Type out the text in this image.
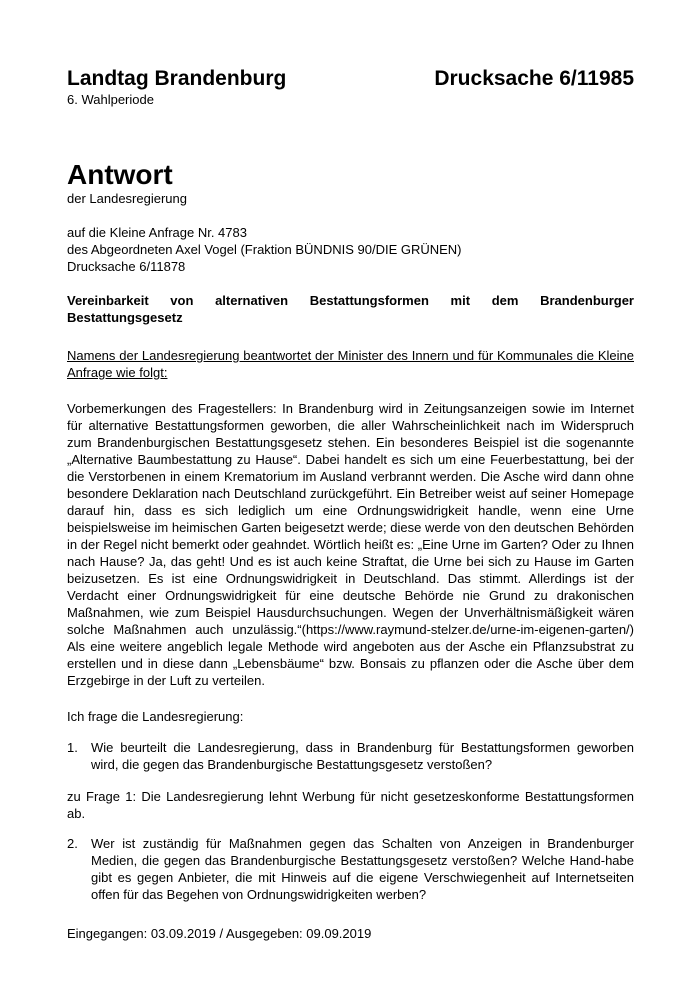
Landtag Brandenburg	Drucksache 6/11985
6. Wahlperiode
Antwort
der Landesregierung
auf die Kleine Anfrage Nr. 4783
des Abgeordneten Axel Vogel (Fraktion BÜNDNIS 90/DIE GRÜNEN)
Drucksache 6/11878
Vereinbarkeit von alternativen Bestattungsformen mit dem Brandenburger Bestattungsgesetz
Namens der Landesregierung beantwortet der Minister des Innern und für Kommunales die Kleine Anfrage wie folgt:
Vorbemerkungen des Fragestellers: In Brandenburg wird in Zeitungsanzeigen sowie im Internet für alternative Bestattungsformen geworben, die aller Wahrscheinlichkeit nach im Widerspruch zum Brandenburgischen Bestattungsgesetz stehen. Ein besonderes Beispiel ist die sogenannte „Alternative Baumbestattung zu Hause“. Dabei handelt es sich um eine Feuerbestattung, bei der die Verstorbenen in einem Krematorium im Ausland verbrannt werden. Die Asche wird dann ohne besondere Deklaration nach Deutschland zurückgeführt. Ein Betreiber weist auf seiner Homepage darauf hin, dass es sich lediglich um eine Ordnungswidrigkeit handle, wenn eine Urne beispielsweise im heimischen Garten beigesetzt werde; diese werde von den deutschen Behörden in der Regel nicht bemerkt oder geahndet. Wörtlich heißt es: „Eine Urne im Garten? Oder zu Ihnen nach Hause? Ja, das geht! Und es ist auch keine Straftat, die Urne bei sich zu Hause im Garten beizusetzen. Es ist eine Ordnungswidrigkeit in Deutschland. Das stimmt. Allerdings ist der Verdacht einer Ordnungswidrigkeit für eine deutsche Behörde nie Grund zu drakonischen Maßnahmen, wie zum Beispiel Hausdurchsuchungen. Wegen der Unverhältnismäßigkeit wären solche Maßnahmen auch unzulässig.“(https://www.raymund-stelzer.de/urne-im-eigenen-garten/) Als eine weitere angeblich legale Methode wird angeboten aus der Asche ein Pflanzsubstrat zu erstellen und in diese dann „Lebensbäume“ bzw. Bonsais zu pflanzen oder die Asche über dem Erzgebirge in der Luft zu verteilen.
Ich frage die Landesregierung:
1. Wie beurteilt die Landesregierung, dass in Brandenburg für Bestattungsformen geworben wird, die gegen das Brandenburgische Bestattungsgesetz verstoßen?
zu Frage 1: Die Landesregierung lehnt Werbung für nicht gesetzeskonforme Bestattungsformen ab.
2. Wer ist zuständig für Maßnahmen gegen das Schalten von Anzeigen in Brandenburger Medien, die gegen das Brandenburgische Bestattungsgesetz verstoßen? Welche Hand-habe gibt es gegen Anbieter, die mit Hinweis auf die eigene Verschwiegenheit auf Internetseiten offen für das Begehen von Ordnungswidrigkeiten werben?
Eingegangen: 03.09.2019 / Ausgegeben: 09.09.2019
